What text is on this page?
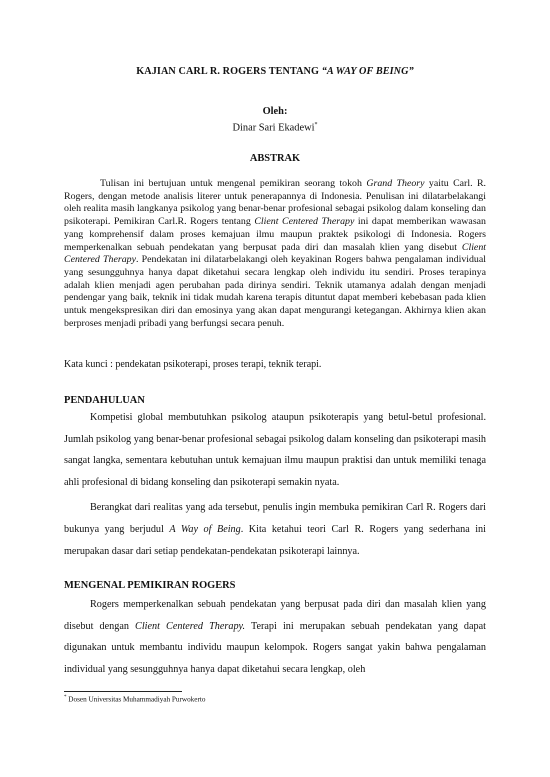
KAJIAN CARL R. ROGERS TENTANG “A WAY OF BEING”
Oleh:
Dinar Sari Ekadewi*
ABSTRAK
Tulisan ini bertujuan untuk mengenal pemikiran seorang tokoh Grand Theory yaitu Carl. R. Rogers, dengan metode analisis literer untuk penerapannya di Indonesia. Penulisan ini dilatarbelakangi oleh realita masih langkanya psikolog yang benar-benar profesional sebagai psikolog dalam konseling dan psikoterapi. Pemikiran Carl.R. Rogers tentang Client Centered Therapy ini dapat memberikan wawasan yang komprehensif dalam proses kemajuan ilmu maupun praktek psikologi di Indonesia. Rogers memperkenalkan sebuah pendekatan yang berpusat pada diri dan masalah klien yang disebut Client Centered Therapy. Pendekatan ini dilatarbelakangi oleh keyakinan Rogers bahwa pengalaman individual yang sesungguhnya hanya dapat diketahui secara lengkap oleh individu itu sendiri. Proses terapinya adalah klien menjadi agen perubahan pada dirinya sendiri. Teknik utamanya adalah dengan menjadi pendengar yang baik, teknik ini tidak mudah karena terapis dituntut dapat memberi kebebasan pada klien untuk mengekspresikan diri dan emosinya yang akan dapat mengurangi ketegangan. Akhirnya klien akan berproses menjadi pribadi yang berfungsi secara penuh.
Kata kunci : pendekatan psikoterapi, proses terapi, teknik terapi.
PENDAHULUAN

Kompetisi global membutuhkan psikolog ataupun psikoterapis yang betul-betul profesional. Jumlah psikolog yang benar-benar profesional sebagai psikolog dalam konseling dan psikoterapi masih sangat langka, sementara kebutuhan untuk kemajuan ilmu maupun praktisi dan untuk memiliki tenaga ahli profesional di bidang konseling dan psikoterapi semakin nyata.

Berangkat dari realitas yang ada tersebut, penulis ingin membuka pemikiran Carl R. Rogers dari bukunya yang berjudul A Way of Being. Kita ketahui teori Carl R. Rogers yang sederhana ini merupakan dasar dari setiap pendekatan-pendekatan psikoterapi lainnya.

MENGENAL PEMIKIRAN ROGERS

Rogers memperkenalkan sebuah pendekatan yang berpusat pada diri dan masalah klien yang disebut dengan Client Centered Therapy. Terapi ini merupakan sebuah pendekatan yang dapat digunakan untuk membantu individu maupun kelompok. Rogers sangat yakin bahwa pengalaman individual yang sesungguhnya hanya dapat diketahui secara lengkap, oleh

* Dosen Universitas Muhammadiyah Purwokerto
